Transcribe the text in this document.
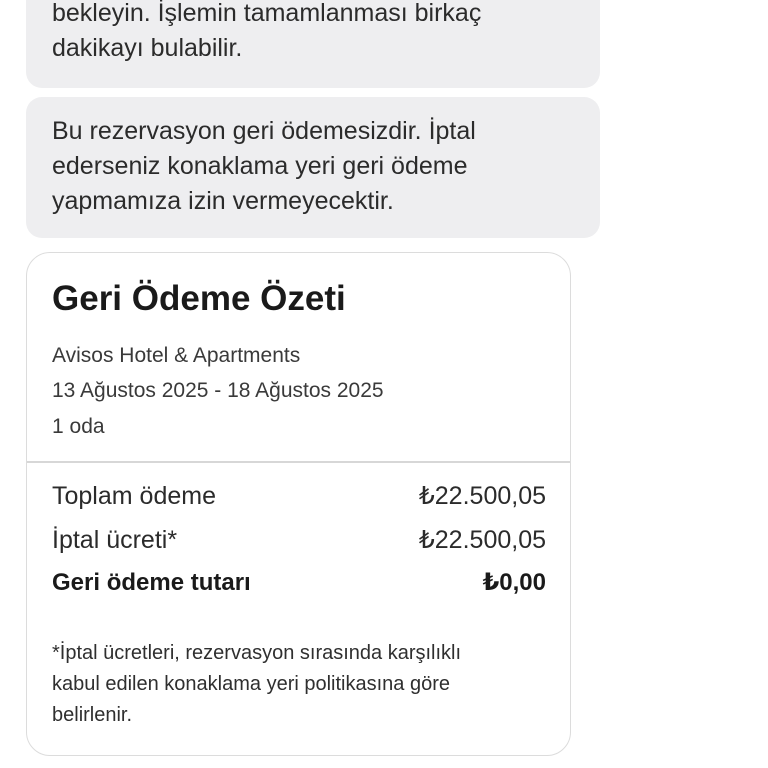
bekleyin. İşlemin tamamlanması birkaç
dakikayı bulabilir.
Bu rezervasyon geri ödemesizdir. İptal
ederseniz konaklama yeri geri ödeme
yapmamıza izin vermeyecektir.
Geri Ödeme Özeti
Avisos Hotel & Apartments
13 Ağustos 2025 - 18 Ağustos 2025
1 oda
Toplam ödeme	₺22.500,05
İptal ücreti*	₺22.500,05
Geri ödeme tutarı	₺0,00
*İptal ücretleri, rezervasyon sırasında karşılıklı
kabul edilen konaklama yeri politikasına göre
belirlenir.
